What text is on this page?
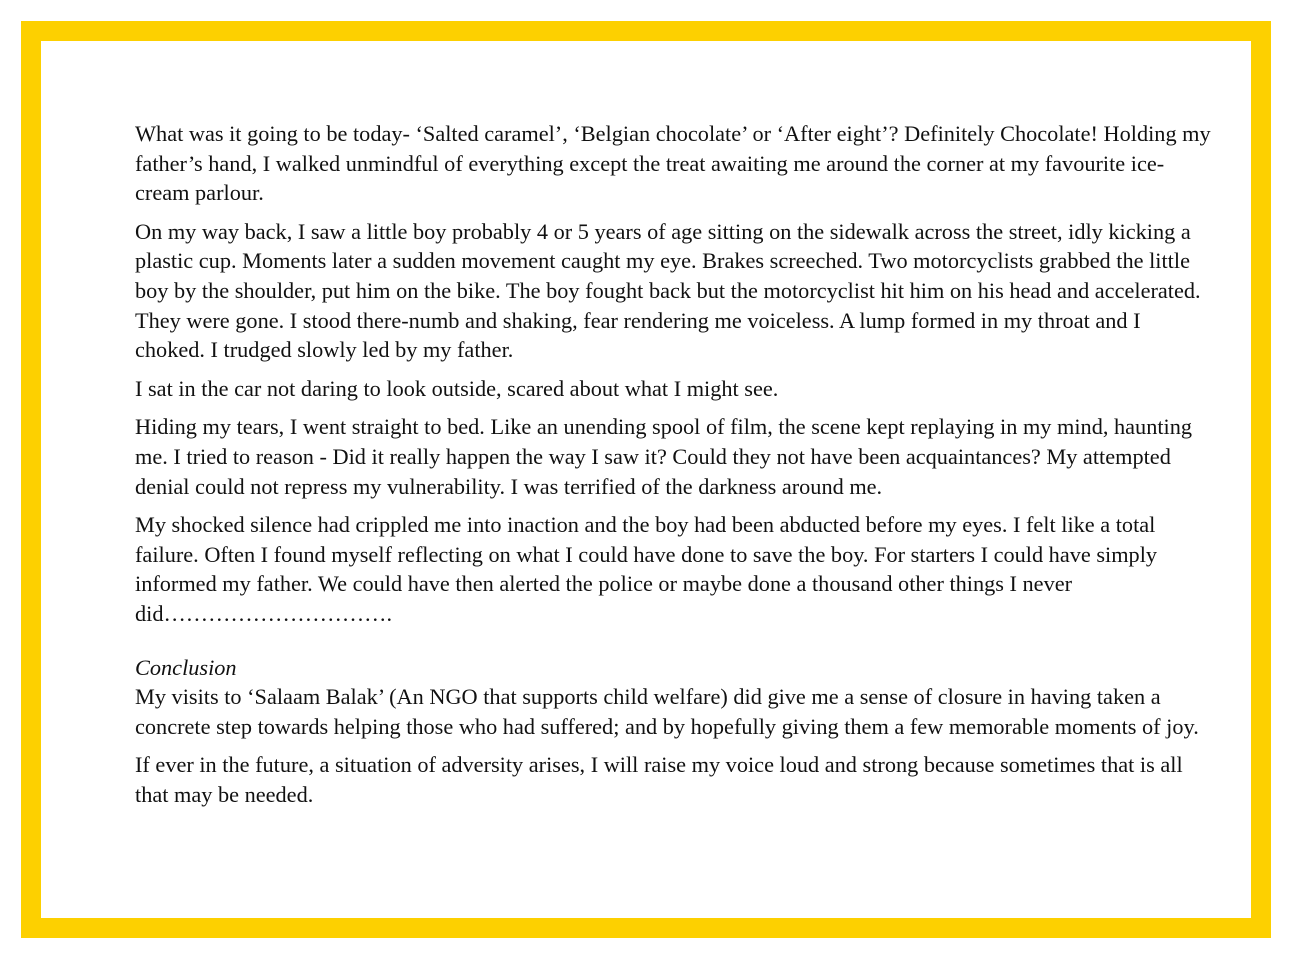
What was it going to be today- ‘Salted caramel’, ‘Belgian chocolate’ or ‘After eight’? Definitely Chocolate! Holding my father’s hand, I walked unmindful of everything except the treat awaiting me around the corner at my favourite ice-cream parlour.

On my way back, I saw a little boy probably 4 or 5 years of age sitting on the sidewalk across the street, idly kicking a plastic cup. Moments later a sudden movement caught my eye. Brakes screeched. Two motorcyclists grabbed the little boy by the shoulder, put him on the bike. The boy fought back but the motorcyclist hit him on his head and accelerated. They were gone. I stood there-numb and shaking, fear rendering me voiceless. A lump formed in my throat and I choked. I trudged slowly led by my father.

I sat in the car not daring to look outside, scared about what I might see.

Hiding my tears, I went straight to bed. Like an unending spool of film, the scene kept replaying in my mind, haunting me. I tried to reason - Did it really happen the way I saw it? Could they not have been acquaintances? My attempted denial could not repress my vulnerability. I was terrified of the darkness around me.

My shocked silence had crippled me into inaction and the boy had been abducted before my eyes. I felt like a total failure. Often I found myself reflecting on what I could have done to save the boy. For starters I could have simply informed my father. We could have then alerted the police or maybe done a thousand other things I never did………………………….

Conclusion

My visits to ‘Salaam Balak’ (An NGO that supports child welfare) did give me a sense of closure in having taken a concrete step towards helping those who had suffered; and by hopefully giving them a few memorable moments of joy.

If ever in the future, a situation of adversity arises, I will raise my voice loud and strong because sometimes that is all that may be needed.
